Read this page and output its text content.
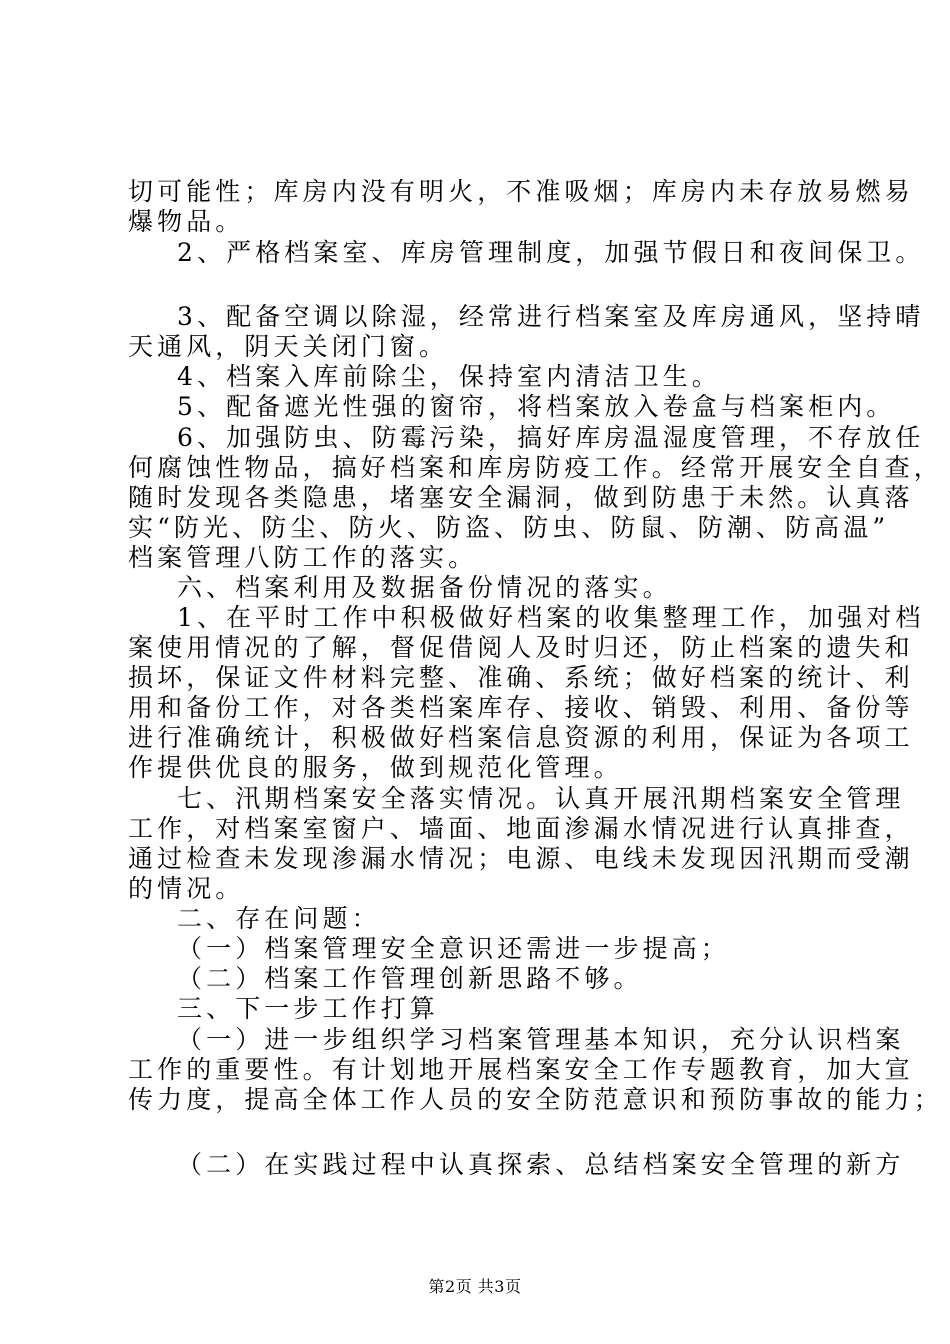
切可能性；库房内没有明火，不准吸烟；库房内未存放易燃易
爆物品。
2、严格档案室、库房管理制度，加强节假日和夜间保卫。
3、配备空调以除湿，经常进行档案室及库房通风，坚持晴
天通风，阴天关闭门窗。
4、档案入库前除尘，保持室内清洁卫生。
5、配备遮光性强的窗帘，将档案放入卷盒与档案柜内。
6、加强防虫、防霉污染，搞好库房温湿度管理，不存放任
何腐蚀性物品，搞好档案和库房防疫工作。经常开展安全自查，
随时发现各类隐患，堵塞安全漏洞，做到防患于未然。认真落
实“防光、防尘、防火、防盗、防虫、防鼠、防潮、防高温”
档案管理八防工作的落实。
六、档案利用及数据备份情况的落实。
1、在平时工作中积极做好档案的收集整理工作，加强对档
案使用情况的了解，督促借阅人及时归还，防止档案的遗失和
损坏，保证文件材料完整、准确、系统；做好档案的统计、利
用和备份工作，对各类档案库存、接收、销毁、利用、备份等
进行准确统计，积极做好档案信息资源的利用，保证为各项工
作提供优良的服务，做到规范化管理。
七、汛期档案安全落实情况。认真开展汛期档案安全管理
工作，对档案室窗户、墙面、地面渗漏水情况进行认真排查，
通过检查未发现渗漏水情况；电源、电线未发现因汛期而受潮
的情况。
二、存在问题：
（一）档案管理安全意识还需进一步提高；
（二）档案工作管理创新思路不够。
三、下一步工作打算
（一）进一步组织学习档案管理基本知识，充分认识档案
工作的重要性。有计划地开展档案安全工作专题教育，加大宣
传力度，提高全体工作人员的安全防范意识和预防事故的能力；
（二）在实践过程中认真探索、总结档案安全管理的新方
第2页 共3页
